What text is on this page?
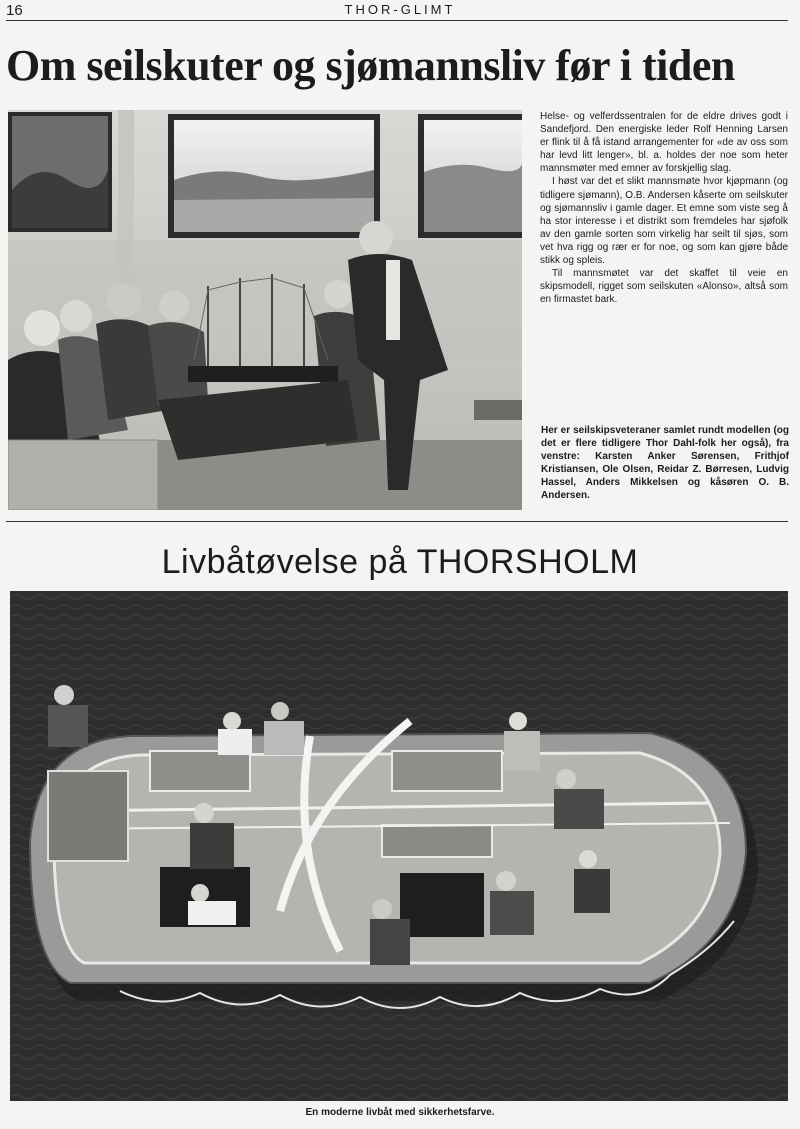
16	THOR-GLIMT
Om seilskuter og sjømannsliv før i tiden

Helse- og velferdssentralen for de eldre drives godt i Sandefjord. Den energiske leder Rolf Henning Larsen er flink til å få istand arrangementer for «de av oss som har levd litt lenger», bl. a. holdes der noe som heter mannsmøter med emner av forskjellig slag.

I høst var det et slikt mannsmøte hvor kjøpmann (og tidligere sjømann), O.B. Andersen kåserte om seilskuter og sjømannsliv i gamle dager. Et emne som viste seg å ha stor interesse i et distrikt som fremdeles har sjøfolk av den gamle sorten som virkelig har seilt til sjøs, som vet hva rigg og rær er for noe, og som kan gjøre både stikk og spleis.

Til mannsmøtet var det skaffet til veie en skipsmodell, rigget som seilskuten «Alonso», altså som en firmastet bark.

Her er seilskipsveteraner samlet rundt modellen (og det er flere tidligere Thor Dahl-folk her også), fra venstre: Karsten Anker Sørensen, Frithjof Kristiansen, Ole Olsen, Reidar Z. Børresen, Ludvig Hassel, Anders Mikkelsen og kåsøren O. B. Andersen.
Livbåtøvelse på THORSHOLM
En moderne livbåt med sikkerhetsfarve.
